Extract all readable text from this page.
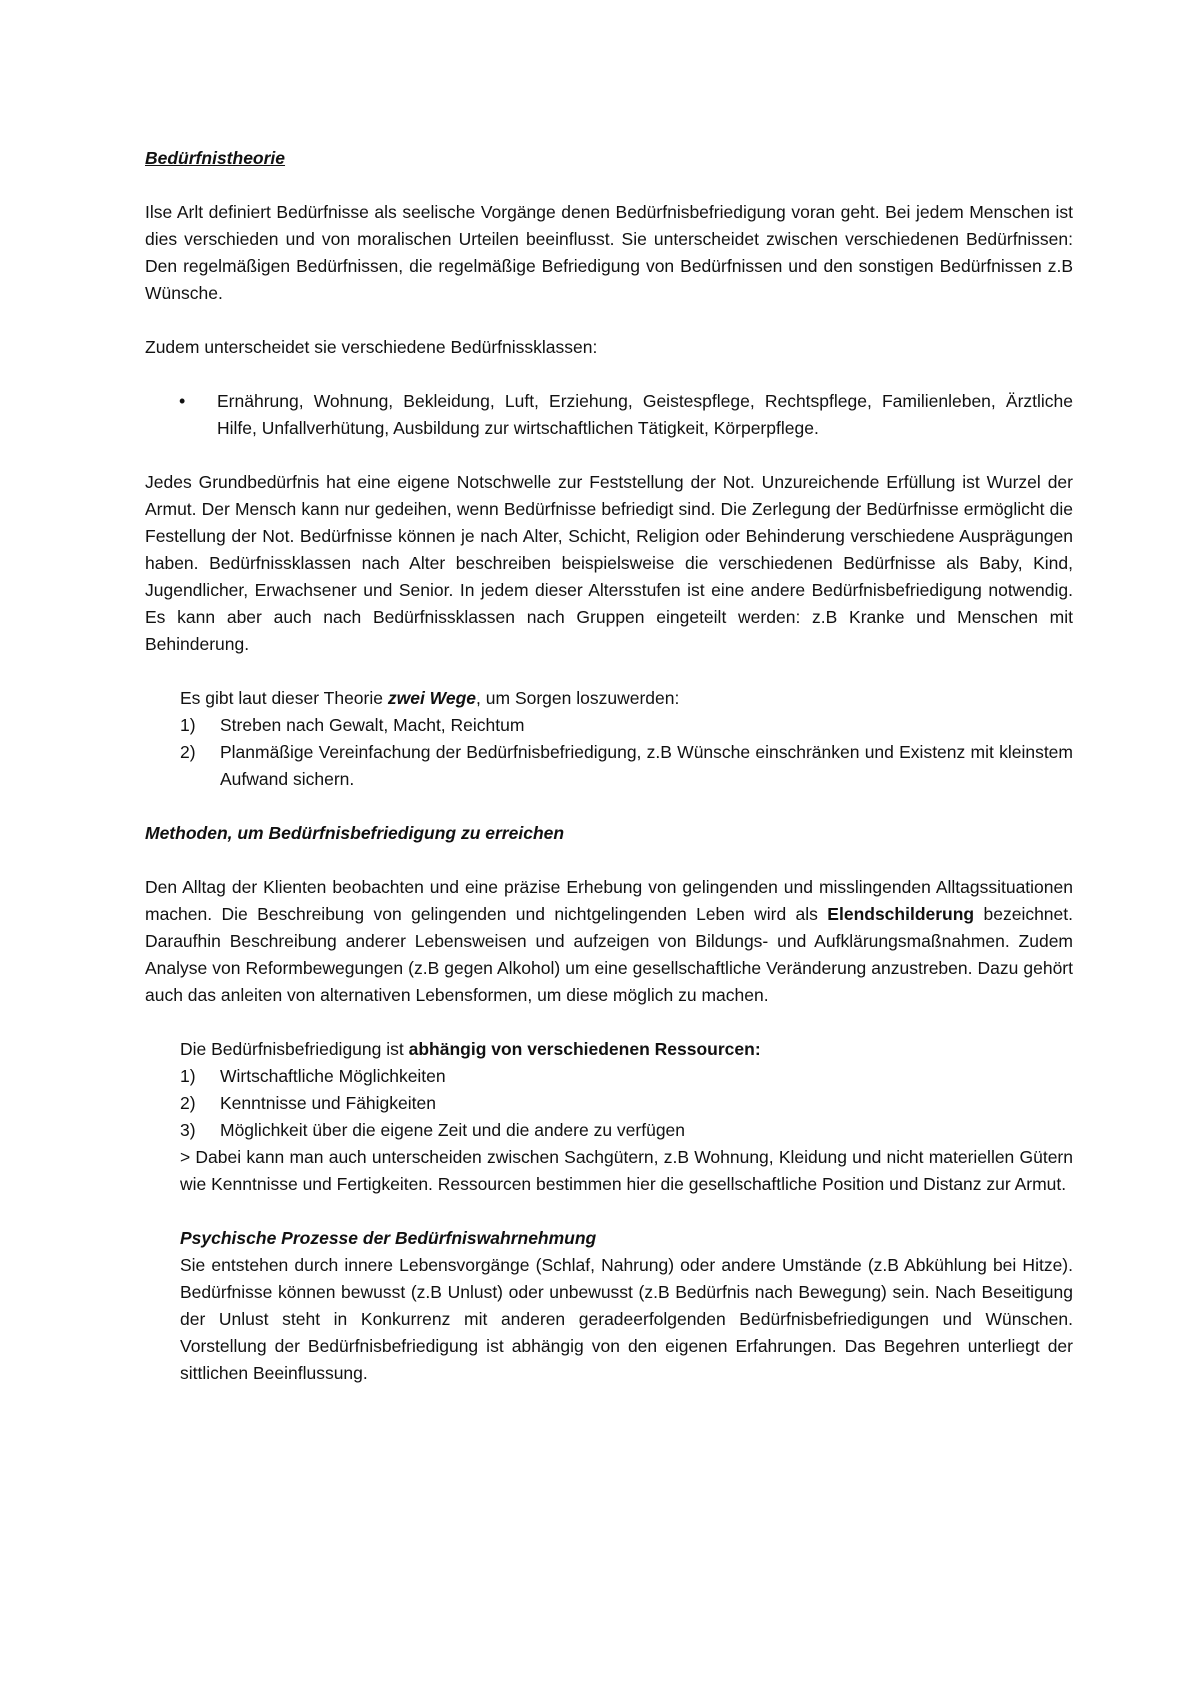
Bedürfnistheorie

Ilse Arlt definiert Bedürfnisse als seelische Vorgänge denen Bedürfnisbefriedigung voran geht. Bei jedem Menschen ist dies verschieden und von moralischen Urteilen beeinflusst. Sie unterscheidet zwischen verschiedenen Bedürfnissen: Den regelmäßigen Bedürfnissen, die regelmäßige Befriedigung von Bedürfnissen und den sonstigen Bedürfnissen z.B Wünsche.

Zudem unterscheidet sie verschiedene Bedürfnissklassen:

• Ernährung, Wohnung, Bekleidung, Luft, Erziehung, Geistespflege, Rechtspflege, Familienleben, Ärztliche Hilfe, Unfallverhütung, Ausbildung zur wirtschaftlichen Tätigkeit, Körperpflege.

Jedes Grundbedürfnis hat eine eigene Notschwelle zur Feststellung der Not. Unzureichende Erfüllung ist Wurzel der Armut. Der Mensch kann nur gedeihen, wenn Bedürfnisse befriedigt sind. Die Zerlegung der Bedürfnisse ermöglicht die Festellung der Not. Bedürfnisse können je nach Alter, Schicht, Religion oder Behinderung verschiedene Ausprägungen haben. Bedürfnissklassen nach Alter beschreiben beispielsweise die verschiedenen Bedürfnisse als Baby, Kind, Jugendlicher, Erwachsener und Senior. In jedem dieser Altersstufen ist eine andere Bedürfnisbefriedigung notwendig. Es kann aber auch nach Bedürfnissklassen nach Gruppen eingeteilt werden: z.B Kranke und Menschen mit Behinderung.

Es gibt laut dieser Theorie zwei Wege, um Sorgen loszuwerden:

1) Streben nach Gewalt, Macht, Reichtum
2) Planmäßige Vereinfachung der Bedürfnisbefriedigung, z.B Wünsche einschränken und Existenz mit kleinstem Aufwand sichern.

Methoden, um Bedürfnisbefriedigung zu erreichen

Den Alltag der Klienten beobachten und eine präzise Erhebung von gelingenden und misslingenden Alltagssituationen machen. Die Beschreibung von gelingenden und nichtgelingenden Leben wird als Elendschilderung bezeichnet. Daraufhin Beschreibung anderer Lebensweisen und aufzeigen von Bildungs- und Aufklärungsmaßnahmen. Zudem Analyse von Reformbewegungen (z.B gegen Alkohol) um eine gesellschaftliche Veränderung anzustreben. Dazu gehört auch das anleiten von alternativen Lebensformen, um diese möglich zu machen.

Die Bedürfnisbefriedigung ist abhängig von verschiedenen Ressourcen:

1) Wirtschaftliche Möglichkeiten
2) Kenntnisse und Fähigkeiten
3) Möglichkeit über die eigene Zeit und die andere zu verfügen

> Dabei kann man auch unterscheiden zwischen Sachgütern, z.B Wohnung, Kleidung und nicht materiellen Gütern wie Kenntnisse und Fertigkeiten. Ressourcen bestimmen hier die gesellschaftliche Position und Distanz zur Armut.

Psychische Prozesse der Bedürfniswahrnehmung

Sie entstehen durch innere Lebensvorgänge (Schlaf, Nahrung) oder andere Umstände (z.B Abkühlung bei Hitze). Bedürfnisse können bewusst (z.B Unlust) oder unbewusst (z.B Bedürfnis nach Bewegung) sein. Nach Beseitigung der Unlust steht in Konkurrenz mit anderen geradeerfolgenden Bedürfnisbefriedigungen und Wünschen. Vorstellung der Bedürfnisbefriedigung ist abhängig von den eigenen Erfahrungen. Das Begehren unterliegt der sittlichen Beeinflussung.
